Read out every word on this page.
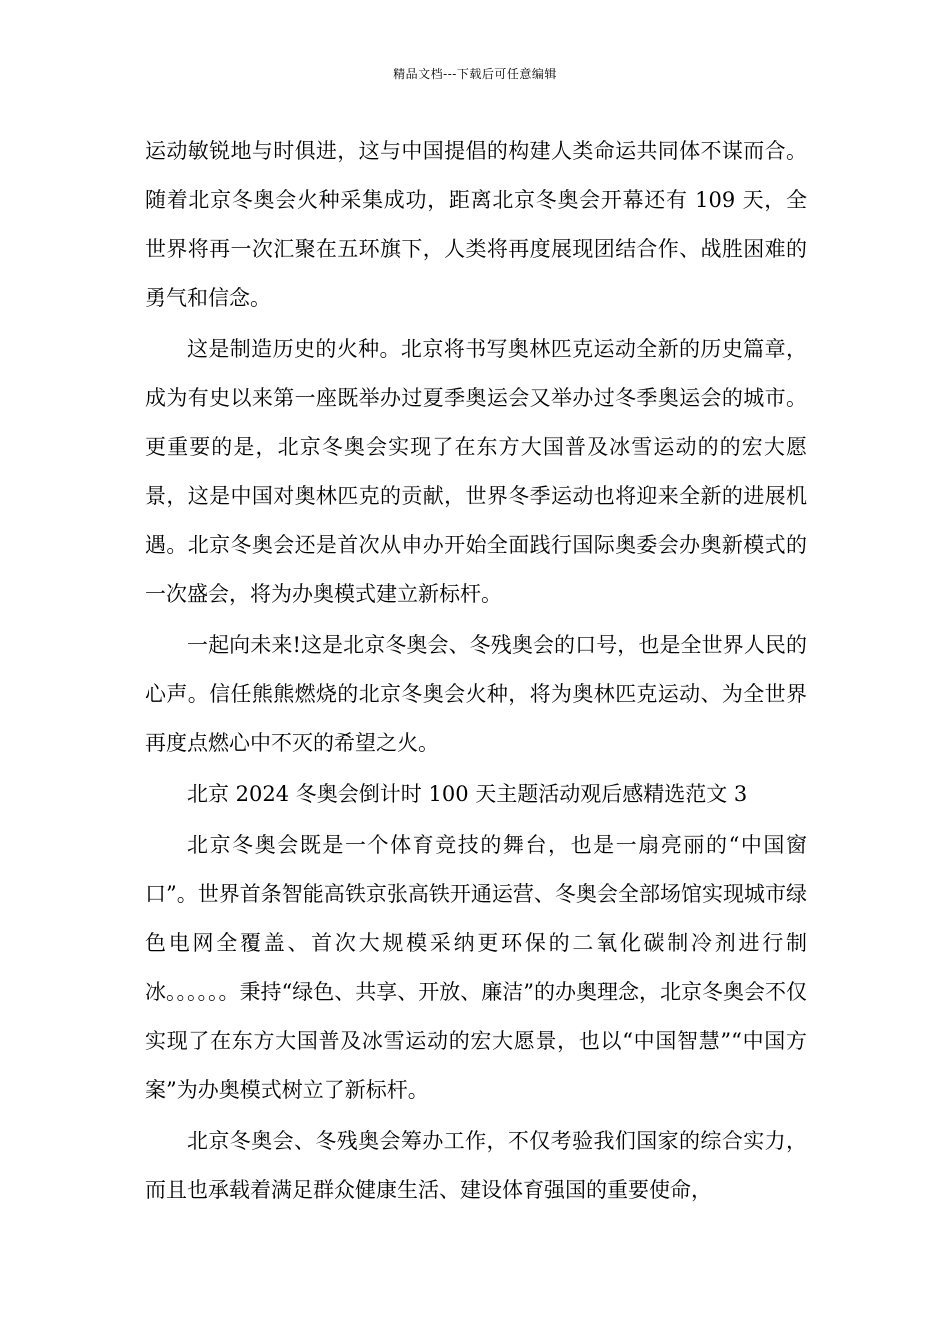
精品文档---下载后可任意编辑

运动敏锐地与时俱进，这与中国提倡的构建人类命运共同体不谋而合。随着北京冬奥会火种采集成功，距离北京冬奥会开幕还有 109 天，全世界将再一次汇聚在五环旗下，人类将再度展现团结合作、战胜困难的勇气和信念。

这是制造历史的火种。北京将书写奥林匹克运动全新的历史篇章，成为有史以来第一座既举办过夏季奥运会又举办过冬季奥运会的城市。更重要的是，北京冬奥会实现了在东方大国普及冰雪运动的的宏大愿景，这是中国对奥林匹克的贡献，世界冬季运动也将迎来全新的进展机遇。北京冬奥会还是首次从申办开始全面践行国际奥委会办奥新模式的一次盛会，将为办奥模式建立新标杆。

一起向未来!这是北京冬奥会、冬残奥会的口号，也是全世界人民的心声。信任熊熊燃烧的北京冬奥会火种，将为奥林匹克运动、为全世界再度点燃心中不灭的希望之火。

北京 2024 冬奥会倒计时 100 天主题活动观后感精选范文 3

北京冬奥会既是一个体育竞技的舞台，也是一扇亮丽的“中国窗口”。世界首条智能高铁京张高铁开通运营、冬奥会全部场馆实现城市绿色电网全覆盖、首次大规模采纳更环保的二氧化碳制冷剂进行制冰。。。。。。秉持“绿色、共享、开放、廉洁”的办奥理念，北京冬奥会不仅实现了在东方大国普及冰雪运动的宏大愿景，也以“中国智慧”“中国方案”为办奥模式树立了新标杆。

北京冬奥会、冬残奥会筹办工作，不仅考验我们国家的综合实力，而且也承载着满足群众健康生活、建设体育强国的重要使命，
